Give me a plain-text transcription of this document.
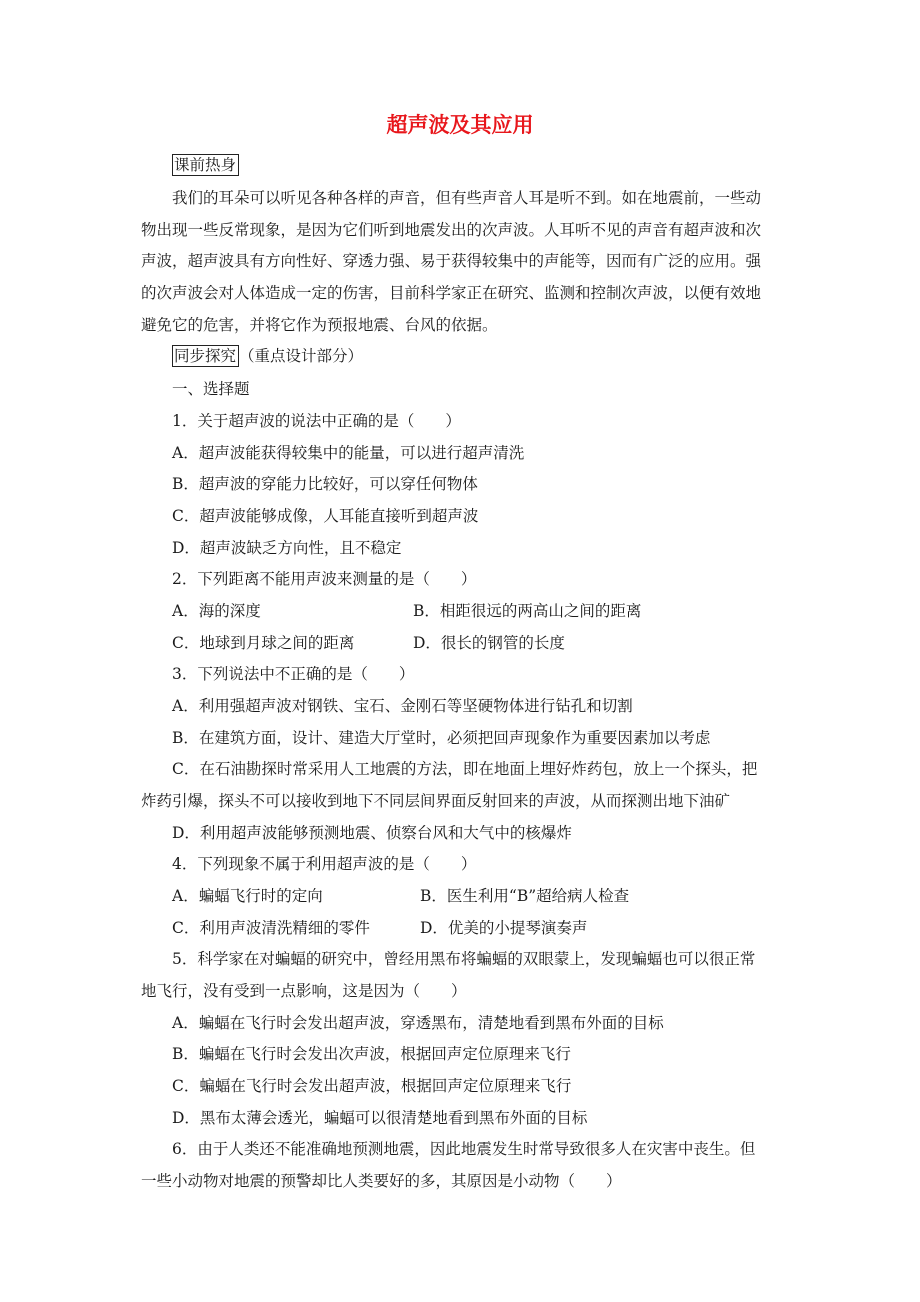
超声波及其应用
课前热身
我们的耳朵可以听见各种各样的声音，但有些声音人耳是听不到。如在地震前，一些动
物出现一些反常现象，是因为它们听到地震发出的次声波。人耳听不见的声音有超声波和次
声波，超声波具有方向性好、穿透力强、易于获得较集中的声能等，因而有广泛的应用。强
的次声波会对人体造成一定的伤害，目前科学家正在研究、监测和控制次声波，以便有效地
避免它的危害，并将它作为预报地震、台风的依据。
同步探究 （重点设计部分）
一、选择题
1．关于超声波的说法中正确的是（　　）
A．超声波能获得较集中的能量，可以进行超声清洗
B．超声波的穿能力比较好，可以穿任何物体
C．超声波能够成像，人耳能直接听到超声波
D．超声波缺乏方向性，且不稳定
2．下列距离不能用声波来测量的是（　　）
A．海的深度	B．相距很远的两高山之间的距离
C．地球到月球之间的距离	D．很长的钢管的长度
3．下列说法中不正确的是（　　）
A．利用强超声波对钢铁、宝石、金刚石等坚硬物体进行钻孔和切割
B．在建筑方面，设计、建造大厅堂时，必须把回声现象作为重要因素加以考虑
C．在石油勘探时常采用人工地震的方法，即在地面上埋好炸药包，放上一个探头，把
炸药引爆，探头不可以接收到地下不同层间界面反射回来的声波，从而探测出地下油矿
D．利用超声波能够预测地震、侦察台风和大气中的核爆炸
4．下列现象不属于利用超声波的是（　　）
A．蝙蝠飞行时的定向	B．医生利用“B”超给病人检查
C．利用声波清洗精细的零件	D．优美的小提琴演奏声
5．科学家在对蝙蝠的研究中，曾经用黑布将蝙蝠的双眼蒙上，发现蝙蝠也可以很正常
地飞行，没有受到一点影响，这是因为（　　）
A．蝙蝠在飞行时会发出超声波，穿透黑布，清楚地看到黑布外面的目标
B．蝙蝠在飞行时会发出次声波，根据回声定位原理来飞行
C．蝙蝠在飞行时会发出超声波，根据回声定位原理来飞行
D．黑布太薄会透光，蝙蝠可以很清楚地看到黑布外面的目标
6．由于人类还不能准确地预测地震，因此地震发生时常导致很多人在灾害中丧生。但
一些小动物对地震的预警却比人类要好的多，其原因是小动物（　　）
